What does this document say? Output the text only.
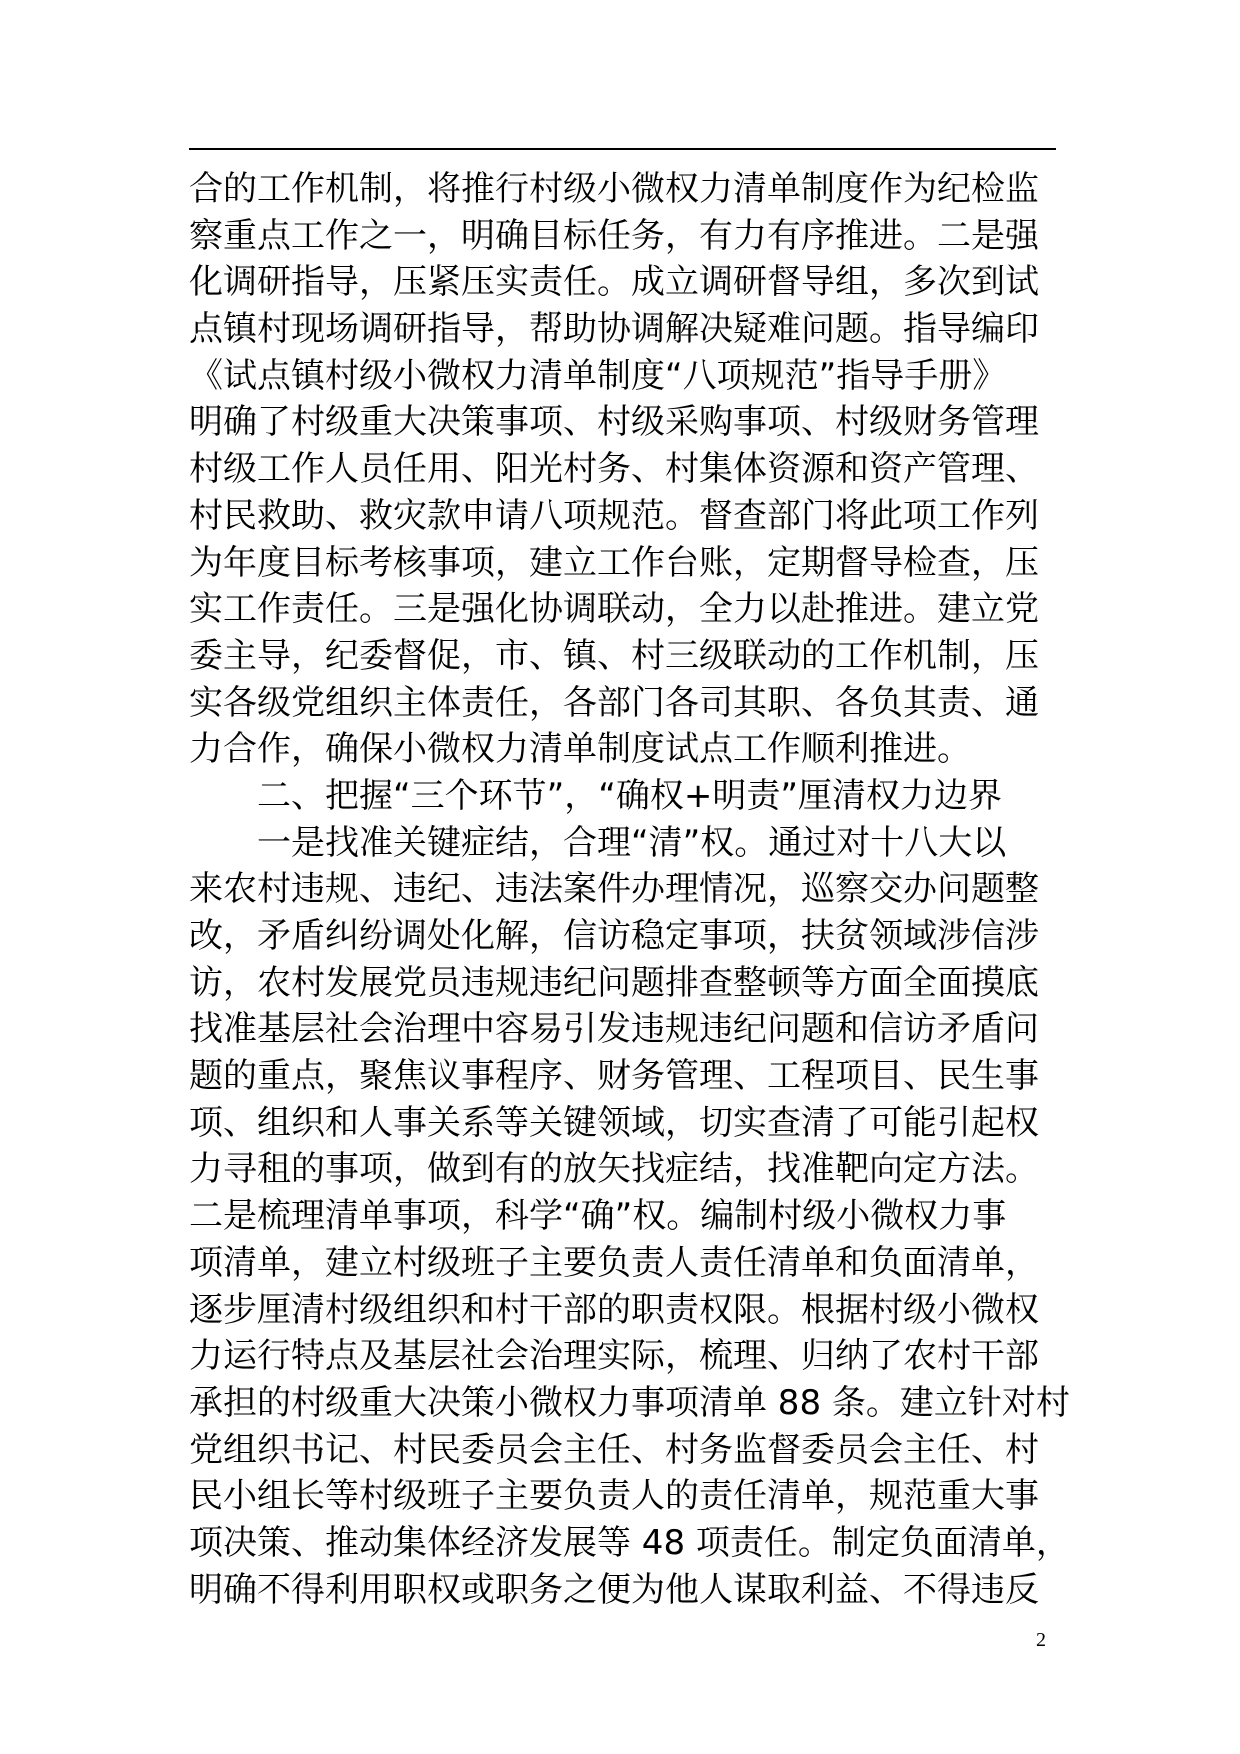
合的工作机制，将推行村级小微权力清单制度作为纪检监
察重点工作之一，明确目标任务，有力有序推进。二是强
化调研指导，压紧压实责任。成立调研督导组，多次到试
点镇村现场调研指导，帮助协调解决疑难问题。指导编印
《试点镇村级小微权力清单制度“八项规范”指导手册》
明确了村级重大决策事项、村级采购事项、村级财务管理
村级工作人员任用、阳光村务、村集体资源和资产管理、
村民救助、救灾款申请八项规范。督查部门将此项工作列
为年度目标考核事项，建立工作台账，定期督导检查，压
实工作责任。三是强化协调联动，全力以赴推进。建立党
委主导，纪委督促，市、镇、村三级联动的工作机制，压
实各级党组织主体责任，各部门各司其职、各负其责、通
力合作，确保小微权力清单制度试点工作顺利推进。
二、把握“三个环节”，“确权+明责”厘清权力边界
一是找准关键症结，合理“清”权。通过对十八大以
来农村违规、违纪、违法案件办理情况，巡察交办问题整
改，矛盾纠纷调处化解，信访稳定事项，扶贫领域涉信涉
访，农村发展党员违规违纪问题排查整顿等方面全面摸底
找准基层社会治理中容易引发违规违纪问题和信访矛盾问
题的重点，聚焦议事程序、财务管理、工程项目、民生事
项、组织和人事关系等关键领域，切实查清了可能引起权
力寻租的事项，做到有的放矢找症结，找准靶向定方法。
二是梳理清单事项，科学“确”权。编制村级小微权力事
项清单，建立村级班子主要负责人责任清单和负面清单，
逐步厘清村级组织和村干部的职责权限。根据村级小微权
力运行特点及基层社会治理实际，梳理、归纳了农村干部
承担的村级重大决策小微权力事项清单 88 条。建立针对村
党组织书记、村民委员会主任、村务监督委员会主任、村
民小组长等村级班子主要负责人的责任清单，规范重大事
项决策、推动集体经济发展等 48 项责任。制定负面清单，
明确不得利用职权或职务之便为他人谋取利益、不得违反
2
